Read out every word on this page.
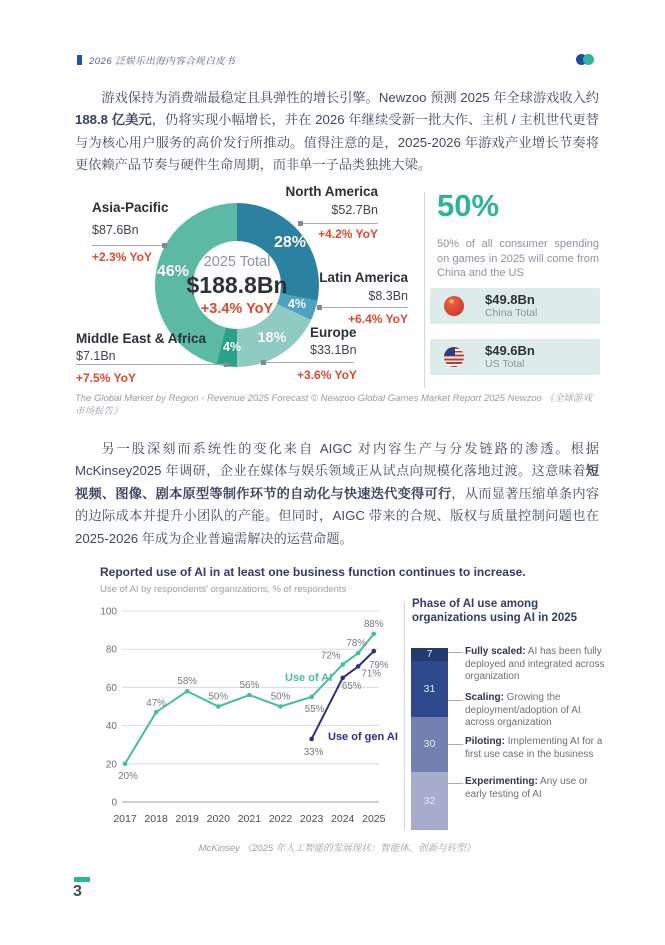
2026 泛娱乐出海内容合规白皮书

游戏保持为消费端最稳定且具弹性的增长引擎。Newzoo 预测 2025 年全球游戏收入约 188.8 亿美元，仍将实现小幅增长，并在 2026 年继续受新一批大作、主机 / 主机世代更替与为核心用户服务的高价发行所推动。值得注意的是，2025-2026 年游戏产业增长节奏将更依赖产品节奏与硬件生命周期，而非单一子品类独挑大梁。

2025 Total
$188.8Bn
+3.4% YoY
28%
4%
18%
4%
46%
Asia-Pacific
$87.6Bn
+2.3% YoY
North America
$52.7Bn
+4.2% YoY
Latin America
$8.3Bn
+6.4% YoY
Europe
$33.1Bn
+3.6% YoY
Middle East & Africa
$7.1Bn
+7.5% YoY
50%
50% of all consumer spending on games in 2025 will come from China and the US
★
$49.8Bn
China Total
$49.6Bn
US Total

The Global Market by Region - Revenue 2025 Forecast © Newzoo Global Games Market Report 2025 Newzoo 《全球游戏市场报告》

另一股深刻而系统性的变化来自 AIGC 对内容生产与分发链路的渗透。根据 McKinsey2025 年调研，企业在媒体与娱乐领域正从试点向规模化落地过渡。这意味着短视频、图像、剧本原型等制作环节的自动化与快速迭代变得可行，从而显著压缩单条内容的边际成本并提升小团队的产能。但同时，AIGC 带来的合规、版权与质量控制问题也在 2025-2026 年成为企业普遍需解决的运营命题。

Reported use of AI in at least one business function continues to increase.
Use of AI by respondents' organizations, % of respondents
0
20
40
60
80
100
2017 2018 2019 2020 2021 2022 2023 2024 2025
20%
47%
58%
50%
56%
50%
55%
72%
78%
88%
Use of AI
33%
65%
71%
79%
Use of gen AI
Phase of AI use among organizations using AI in 2025
7
31
30
32
Fully scaled: AI has been fully deployed and integrated across organization
Scaling: Growing the deployment/adoption of AI across organization
Piloting: Implementing AI for a first use case in the business
Experimenting: Any use or early testing of AI

McKinsey 《2025 年人工智能的发展现状：智能体、创新与转型》

3
